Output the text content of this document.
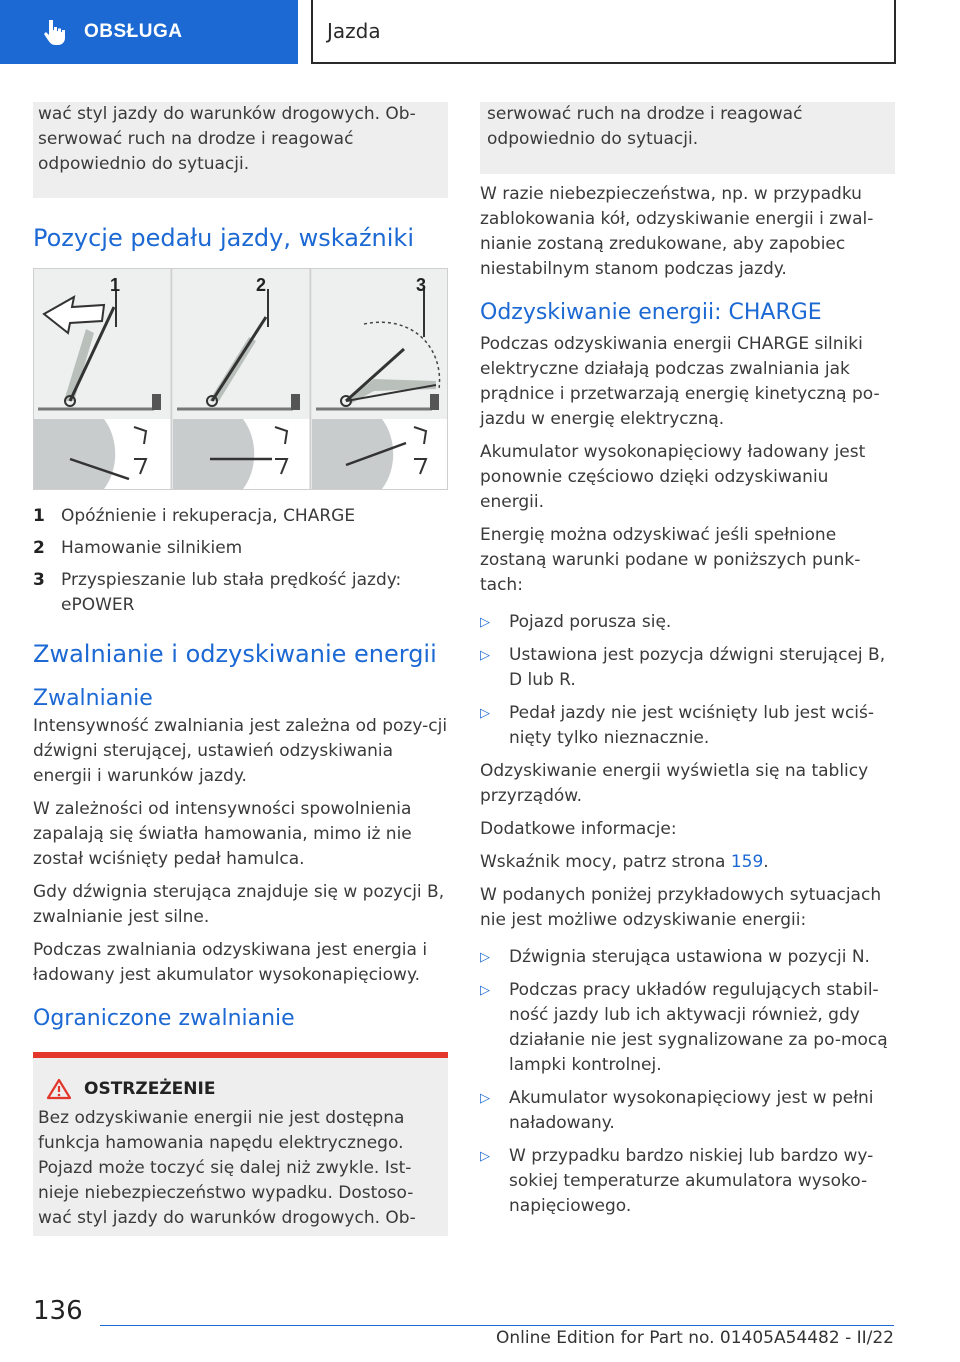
OBSŁUGA	Jazda

wać styl jazdy do warunków drogowych. Ob-serwować ruch na drodze i reagować odpowiednio do sytuacji.

Pozycje pedału jazdy, wskaźniki
1	2	3
1 Opóźnienie i rekuperacja, CHARGE
2 Hamowanie silnikiem
3 Przyspieszanie lub stała prędkość jazdy: ePOWER
Zwalnianie i odzyskiwanie energii
Zwalnianie

Intensywność zwalniania jest zależna od pozy-cji dźwigni sterującej, ustawień odzyskiwania energii i warunków jazdy.

W zależności od intensywności spowolnienia zapalają się światła hamowania, mimo iż nie został wciśnięty pedał hamulca.

Gdy dźwignia sterująca znajduje się w pozycji B, zwalnianie jest silne.

Podczas zwalniania odzyskiwana jest energia i ładowany jest akumulator wysokonapięciowy.

Ograniczone zwalnianie
OSTRZEŻENIE

Bez odzyskiwanie energii nie jest dostępna funkcja hamowania napędu elektrycznego. Pojazd może toczyć się dalej niż zwykle. Ist-nieje niebezpieczeństwo wypadku. Dostoso-wać styl jazdy do warunków drogowych. Ob-

serwować ruch na drodze i reagować odpowiednio do sytuacji.

W razie niebezpieczeństwa, np. w przypadku zablokowania kół, odzyskiwanie energii i zwal-nianie zostaną zredukowane, aby zapobiec niestabilnym stanom podczas jazdy.

Odzyskiwanie energii: CHARGE

Podczas odzyskiwania energii CHARGE silniki elektryczne działają podczas zwalniania jak prądnice i przetwarzają energię kinetyczną po-jazdu w energię elektryczną.

Akumulator wysokonapięciowy ładowany jest ponownie częściowo dzięki odzyskiwaniu energii.

Energię można odzyskiwać jeśli spełnione zostaną warunki podane w poniższych punk-tach:

▷	Pojazd porusza się.
▷	Ustawiona jest pozycja dźwigni sterującej B, D lub R.
▷	Pedał jazdy nie jest wciśnięty lub jest wciś-nięty tylko nieznacznie.

Odzyskiwanie energii wyświetla się na tablicy przyrządów.

Dodatkowe informacje:

Wskaźnik mocy, patrz strona 159.

W podanych poniżej przykładowych sytuacjach nie jest możliwe odzyskiwanie energii:

▷	Dźwignia sterująca ustawiona w pozycji N.
▷	Podczas pracy układów regulujących stabil-ność jazdy lub ich aktywacji również, gdy działanie nie jest sygnalizowane za po-mocą lampki kontrolnej.
▷	Akumulator wysokonapięciowy jest w pełni naładowany.
▷	W przypadku bardzo niskiej lub bardzo wy-sokiej temperaturze akumulatora wysoko-napięciowego.
136
Online Edition for Part no. 01405A54482 - II/22
